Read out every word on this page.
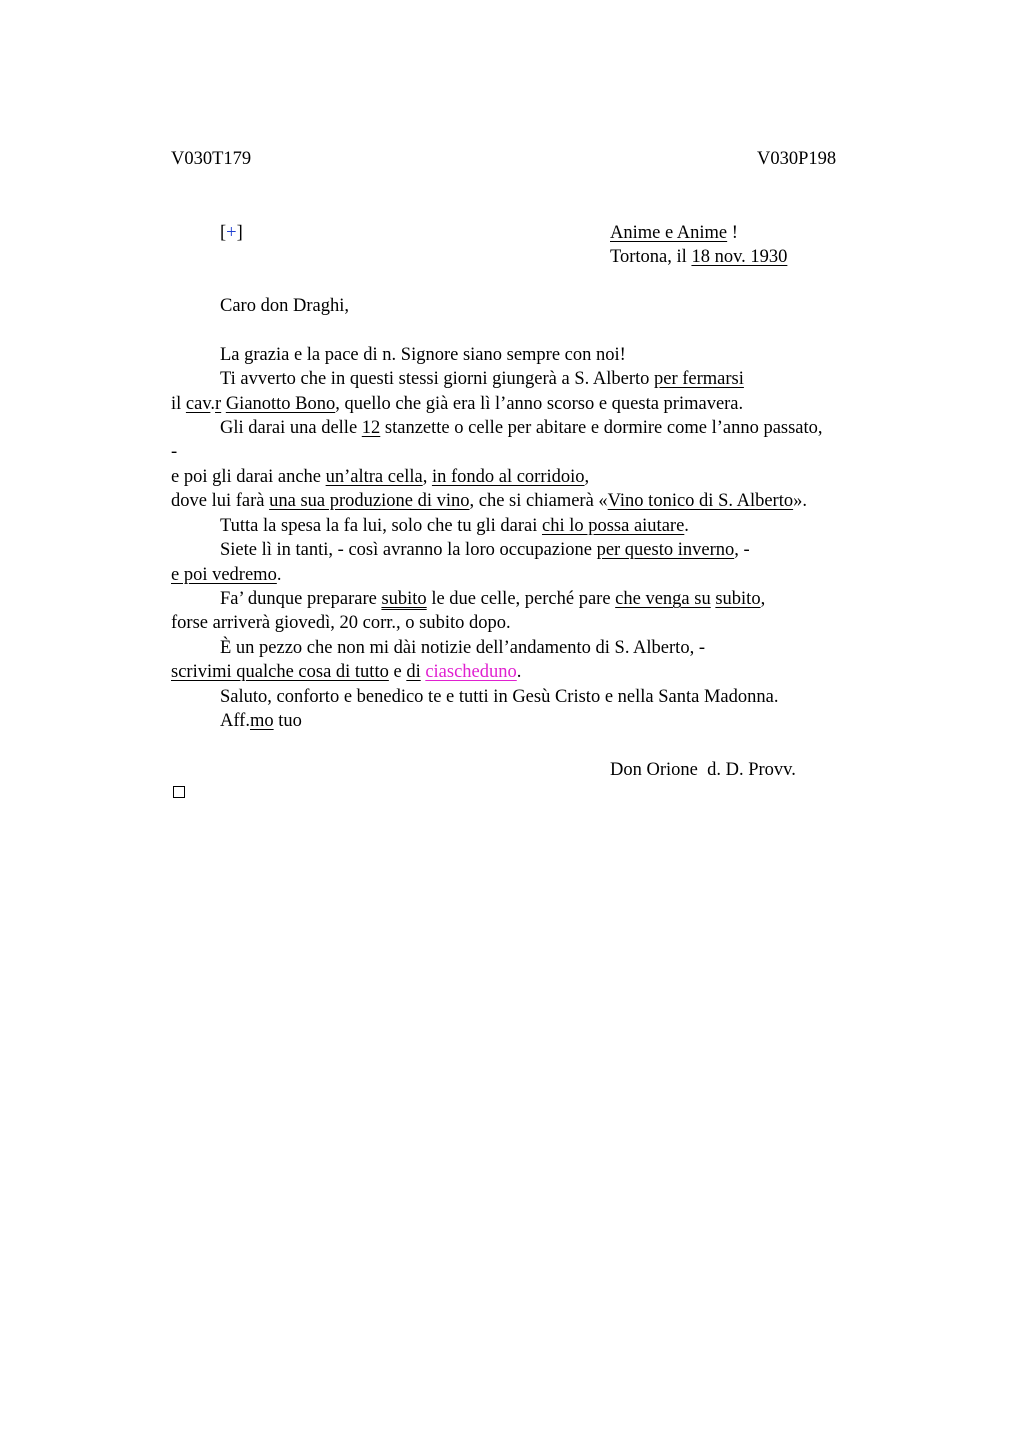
V030T179	V030P198
[+]	Anime e Anime !
Tortona, il 18 nov. 1930
Caro don Draghi,
La grazia e la pace di n. Signore siano sempre con noi!
Ti avverto che in questi stessi giorni giungerà a S. Alberto per fermarsi
il cav.r Gianotto Bono, quello che già era lì l’anno scorso e questa primavera.
Gli darai una delle 12 stanzette o celle per abitare e dormire come l’anno passato,
-
e poi gli darai anche un’altra cella, in fondo al corridoio,
dove lui farà una sua produzione di vino, che si chiamerà «Vino tonico di S. Alberto».
Tutta la spesa la fa lui, solo che tu gli darai chi lo possa aiutare.
Siete lì in tanti, - così avranno la loro occupazione per questo inverno, -
e poi vedremo.
Fa’ dunque preparare subito le due celle, perché pare che venga su subito,
forse arriverà giovedì, 20 corr., o subito dopo.
È un pezzo che non mi dài notizie dell’andamento di S. Alberto, -
scrivimi qualche cosa di tutto e di ciascheduno.
Saluto, conforto e benedico te e tutti in Gesù Cristo e nella Santa Madonna.
Aff.mo tuo
Don Orione  d. D. Provv.
